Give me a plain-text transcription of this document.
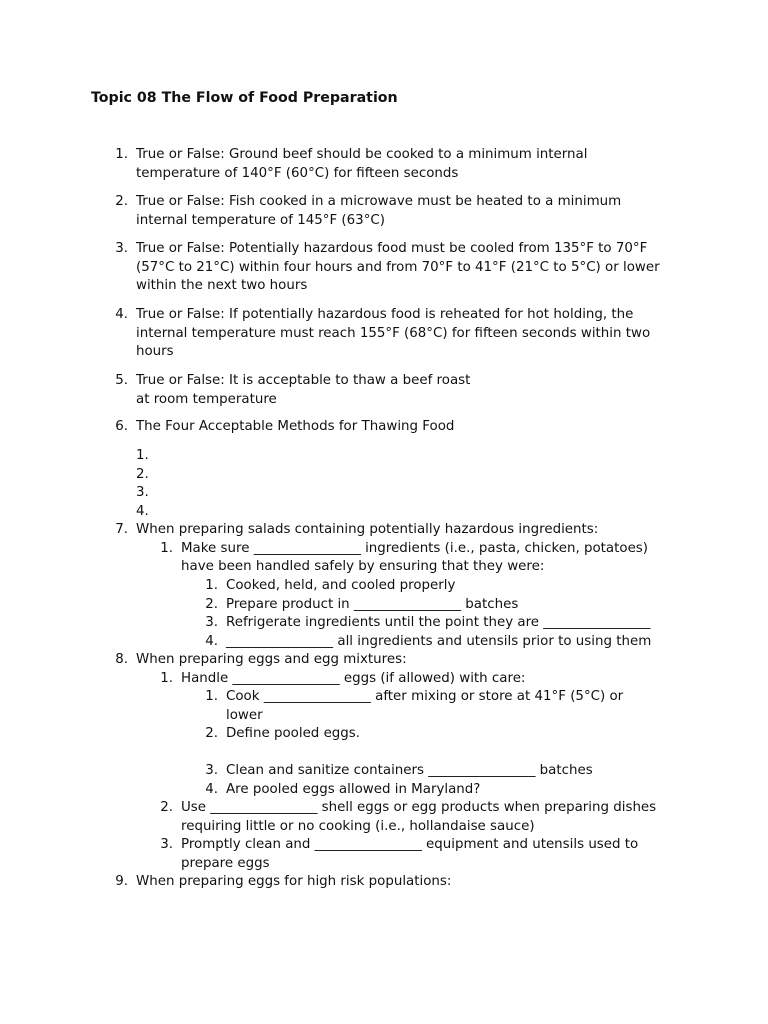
Topic 08 The Flow of Food Preparation
1. True or False: Ground beef should be cooked to a minimum internal
temperature of 140°F (60°C) for fifteen seconds
2. True or False: Fish cooked in a microwave must be heated to a minimum
internal temperature of 145°F (63°C)
3. True or False: Potentially hazardous food must be cooled from 135°F to 70°F
(57°C to 21°C) within four hours and from 70°F to 41°F (21°C to 5°C) or lower
within the next two hours
4. True or False: If potentially hazardous food is reheated for hot holding, the
internal temperature must reach 155°F (68°C) for fifteen seconds within two
hours
5. True or False: It is acceptable to thaw a beef roast
at room temperature
6. The Four Acceptable Methods for Thawing Food
1.
2.
3.
4.
7. When preparing salads containing potentially hazardous ingredients:
1. Make sure ________________ ingredients (i.e., pasta, chicken, potatoes)
have been handled safely by ensuring that they were:
1. Cooked, held, and cooled properly
2. Prepare product in ________________ batches
3. Refrigerate ingredients until the point they are ________________
4. ________________ all ingredients and utensils prior to using them
8. When preparing eggs and egg mixtures:
1. Handle ________________ eggs (if allowed) with care:
1. Cook ________________ after mixing or store at 41°F (5°C) or
lower
2. Define pooled eggs.
3. Clean and sanitize containers ________________ batches
4. Are pooled eggs allowed in Maryland?
2. Use ________________ shell eggs or egg products when preparing dishes
requiring little or no cooking (i.e., hollandaise sauce)
3. Promptly clean and ________________ equipment and utensils used to
prepare eggs
9. When preparing eggs for high risk populations:
